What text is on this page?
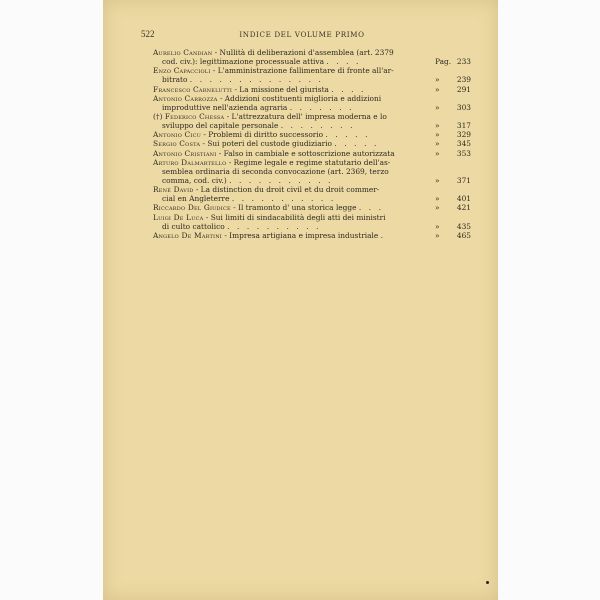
522	INDICE DEL VOLUME PRIMO
Aurelio Candian - Nullità di deliberazioni d'assemblea (art. 2379
cod. civ.): legittimazione processuale attiva . . . .	Pag. 233
Enzo Capaccioli - L'amministrazione fallimentare di fronte all'ar-
bitrato . . . . . . . . . . . . . .	» 239
Francesco Carnelutti - La missione del giurista . . . .	» 291
Antonio Carrozza - Addizioni costituenti miglioria e addizioni
improduttive nell'azienda agraria . . . . . . .	» 303
(†) Federico Chessa - L'attrezzatura dell' impresa moderna e lo
sviluppo del capitale personale . . . . . . . .	» 317
Antonio Cicu - Problemi di diritto successorio . . . . .	» 329
Sergio Costa - Sui poteri del custode giudiziario . . . . .	» 345
Antonio Cristiani - Falso in cambiale e sottoscrizione autorizzata	» 353
Arturo Dalmartello - Regime legale e regime statutario dell'as-
semblea ordinaria di seconda convocazione (art. 2369, terzo
comma, cod. civ.) . . . . . . . . . . .	» 371
René David - La distinction du droit civil et du droit commer-
cial en Angleterre . . . . . . . . . . .	» 401
Riccardo Del Giudice - Il tramonto d' una storica legge . . .	» 421
Luigi De Luca - Sui limiti di sindacabilità degli atti dei ministri
di culto cattolico . . . . . . . . . .	» 435
Angelo De Martini - Impresa artigiana e impresa industriale .	» 465
